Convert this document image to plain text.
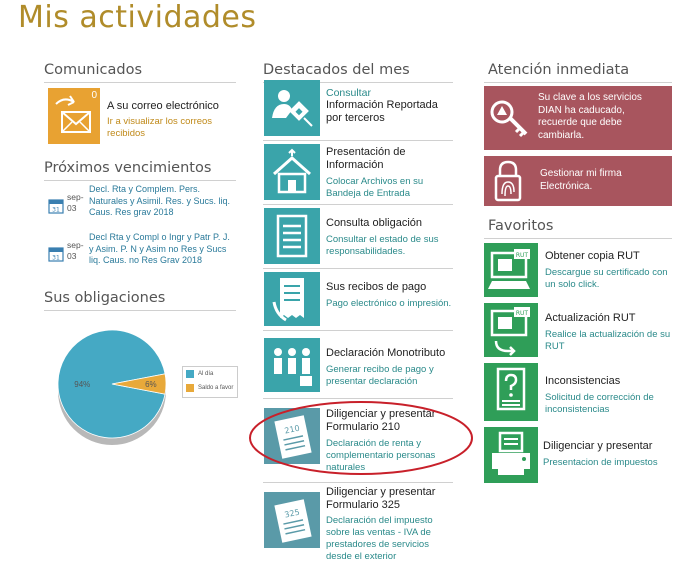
Mis actividades
Comunicados
0
A su correo electrónico
Ir a visualizar los correos recibidos
Próximos vencimientos
31
sep-
03
Decl. Rta y Complem. Pers. Naturales y Asimil. Res. y Sucs. liq. Caus. Res grav 2018
31
sep-
03
Decl Rta y Compl o Ingr y Patr P. J. y Asim. P. N y Asim no Res y Sucs liq. Caus. no Res Grav 2018
Sus obligaciones
94%	6%
Al día
Saldo a favor
Destacados del mes
Consultar
Información Reportada por terceros
Presentación de Información
Colocar Archivos en su Bandeja de Entrada
Consulta obligación
Consultar el estado de sus responsabilidades.
Sus recibos de pago
Pago electrónico o impresión.
Declaración Monotributo
Generar recibo de pago y presentar declaración
210
Diligenciar y presentar Formulario 210
Declaración de renta y complementario personas naturales
325
Diligenciar y presentar Formulario 325
Declaración del impuesto sobre las ventas - IVA de prestadores de servicios desde el exterior
Atención inmediata
Su clave a los servicios DIAN ha caducado, recuerde que debe cambiarla.
Gestionar mi firma Electrónica.
Favoritos
RUT Obtener copia RUT
Descargue su certificado con un solo click.
RUT Actualización RUT
Realice la actualización de su RUT
Inconsistencias
Solicitud de corrección de inconsistencias
Diligenciar y presentar
Presentacion de impuestos
